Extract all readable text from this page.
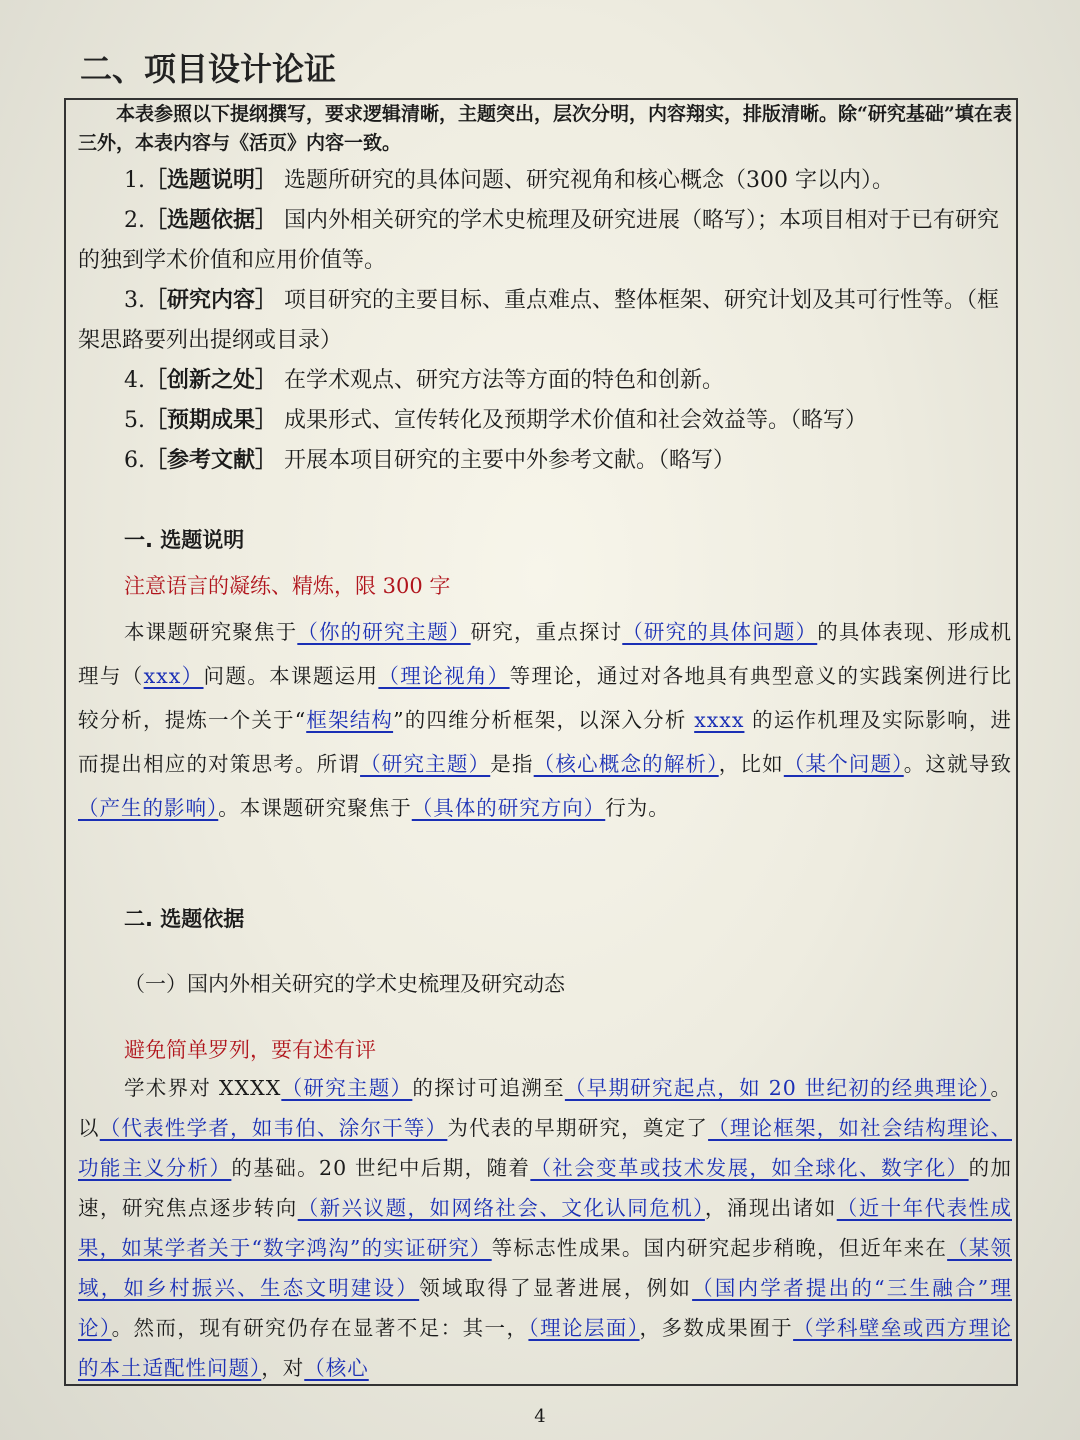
二、项目设计论证

本表参照以下提纲撰写，要求逻辑清晰，主题突出，层次分明，内容翔实，排版清晰。除“研究基础”填在表三外，本表内容与《活页》内容一致。

1.［选题说明］ 选题所研究的具体问题、研究视角和核心概念（300 字以内）。
2.［选题依据］ 国内外相关研究的学术史梳理及研究进展（略写）；本项目相对于已有研究的独到学术价值和应用价值等。
3.［研究内容］ 项目研究的主要目标、重点难点、整体框架、研究计划及其可行性等。（框架思路要列出提纲或目录）
4.［创新之处］ 在学术观点、研究方法等方面的特色和创新。
5.［预期成果］ 成果形式、宣传转化及预期学术价值和社会效益等。（略写）
6.［参考文献］ 开展本项目研究的主要中外参考文献。（略写）
一. 选题说明
注意语言的凝练、精炼，限 300 字
本课题研究聚焦于（你的研究主题）研究，重点探讨（研究的具体问题）的具体表现、形成机理与（xxx）问题。本课题运用（理论视角）等理论，通过对各地具有典型意义的实践案例进行比较分析，提炼一个关于“框架结构”的四维分析框架，以深入分析 xxxx 的运作机理及实际影响，进而提出相应的对策思考。所谓（研究主题）是指（核心概念的解析），比如（某个问题）。这就导致（产生的影响）。本课题研究聚焦于（具体的研究方向）行为。
二. 选题依据
（一）国内外相关研究的学术史梳理及研究动态
避免简单罗列，要有述有评
学术界对 XXXX（研究主题）的探讨可追溯至（早期研究起点，如 20 世纪初的经典理论）。以（代表性学者，如韦伯、涂尔干等）为代表的早期研究，奠定了（理论框架，如社会结构理论、功能主义分析）的基础。20 世纪中后期，随着（社会变革或技术发展，如全球化、数字化）的加速，研究焦点逐步转向（新兴议题，如网络社会、文化认同危机），涌现出诸如（近十年代表性成果，如某学者关于“数字鸿沟”的实证研究）等标志性成果。国内研究起步稍晚，但近年来在（某领域，如乡村振兴、生态文明建设）领域取得了显著进展，例如（国内学者提出的“三生融合”理论）。然而，现有研究仍存在显著不足：其一，（理论层面），多数成果囿于（学科壁垒或西方理论的本土适配性问题），对（核心
4
